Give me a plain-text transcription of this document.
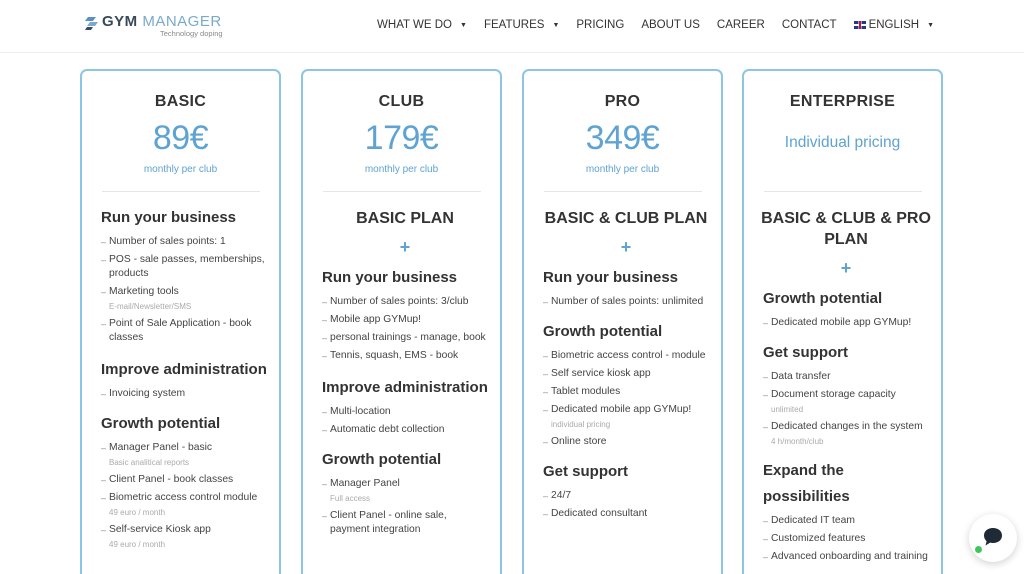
GYM MANAGER
Technology doping
WHAT WE DO ▼ FEATURES ▼ PRICING ABOUT US CAREER CONTACT	ENGLISH ▼
BASIC
89€
monthly per club
Run your business
– Number of sales points: 1
– POS - sale passes, memberships, products
– Marketing tools
E-mail/Newsletter/SMS
– Point of Sale Application - book classes
Improve administration
– Invoicing system
Growth potential
– Manager Panel - basic
Basic analitical reports
– Client Panel - book classes
– Biometric access control module
49 euro / month
– Self-service Kiosk app
49 euro / month
CLUB
179€
monthly per club
BASIC PLAN
+
Run your business
– Number of sales points: 3/club
– Mobile app GYMup!
– personal trainings - manage, book
– Tennis, squash, EMS - book
Improve administration
– Multi-location
– Automatic debt collection
Growth potential
– Manager Panel
Full access
– Client Panel - online sale, payment integration
PRO
349€
monthly per club
BASIC & CLUB PLAN
+
Run your business
– Number of sales points: unlimited
Growth potential
– Biometric access control - module
– Self service kiosk app
– Tablet modules
– Dedicated mobile app GYMup!
individual pricing
– Online store
Get support
– 24/7
– Dedicated consultant
ENTERPRISE
Individual pricing
BASIC & CLUB & PRO PLAN
+
Growth potential
– Dedicated mobile app GYMup!
Get support
– Data transfer
– Document storage capacity
unlimited
– Dedicated changes in the system
4 h/month/club
Expand the possibilities
– Dedicated IT team
– Customized features
– Advanced onboarding and training
